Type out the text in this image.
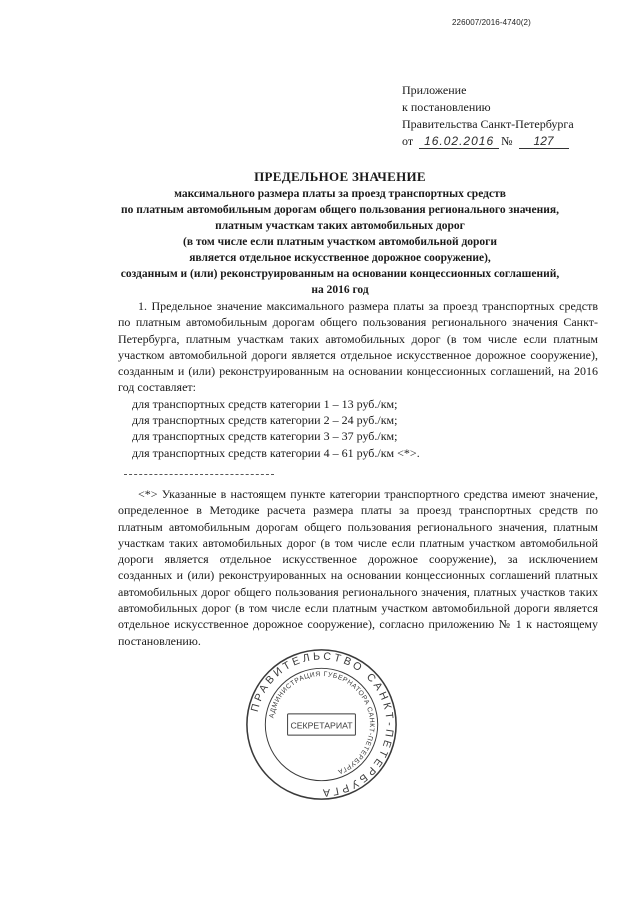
226007/2016-4740(2)
Приложение
к постановлению
Правительства Санкт-Петербурга
от 16.02.2016 № 127
ПРЕДЕЛЬНОЕ ЗНАЧЕНИЕ
максимального размера платы за проезд транспортных средств
по платным автомобильным дорогам общего пользования регионального значения,
платным участкам таких автомобильных дорог
(в том числе если платным участком автомобильной дороги
является отдельное искусственное дорожное сооружение),
созданным и (или) реконструированным на основании концессионных соглашений,
на 2016 год

1. Предельное значение максимального размера платы за проезд транспортных средств по платным автомобильным дорогам общего пользования регионального значения Санкт-Петербурга, платным участкам таких автомобильных дорог (в том числе если платным участком автомобильной дороги является отдельное искусственное дорожное сооружение), созданным и (или) реконструированным на основании концессионных соглашений, на 2016 год составляет:

для транспортных средств категории 1 – 13 руб./км;
для транспортных средств категории 2 – 24 руб./км;
для транспортных средств категории 3 – 37 руб./км;
для транспортных средств категории 4 – 61 руб./км <*>.
<*> Указанные в настоящем пункте категории транспортного средства имеют значение, определенное в Методике расчета размера платы за проезд транспортных средств по платным автомобильным дорогам общего пользования регионального значения, платным участкам таких автомобильных дорог (в том числе если платным участком автомобильной дороги является отдельное искусственное дорожное сооружение), за исключением созданных и (или) реконструированных на основании концессионных соглашений платных автомобильных дорог общего пользования регионального значения, платных участков таких автомобильных дорог (в том числе если платным участком автомобильной дороги является отдельное искусственное дорожное сооружение), согласно приложению № 1 к настоящему постановлению.
ПРАВИТЕЛЬСТВО САНКТ-ПЕТЕРБУРГА
АДМИНИСТРАЦИЯ ГУБЕРНАТОРА САНКТ-ПЕТЕРБУРГА
СЕКРЕТАРИАТ
